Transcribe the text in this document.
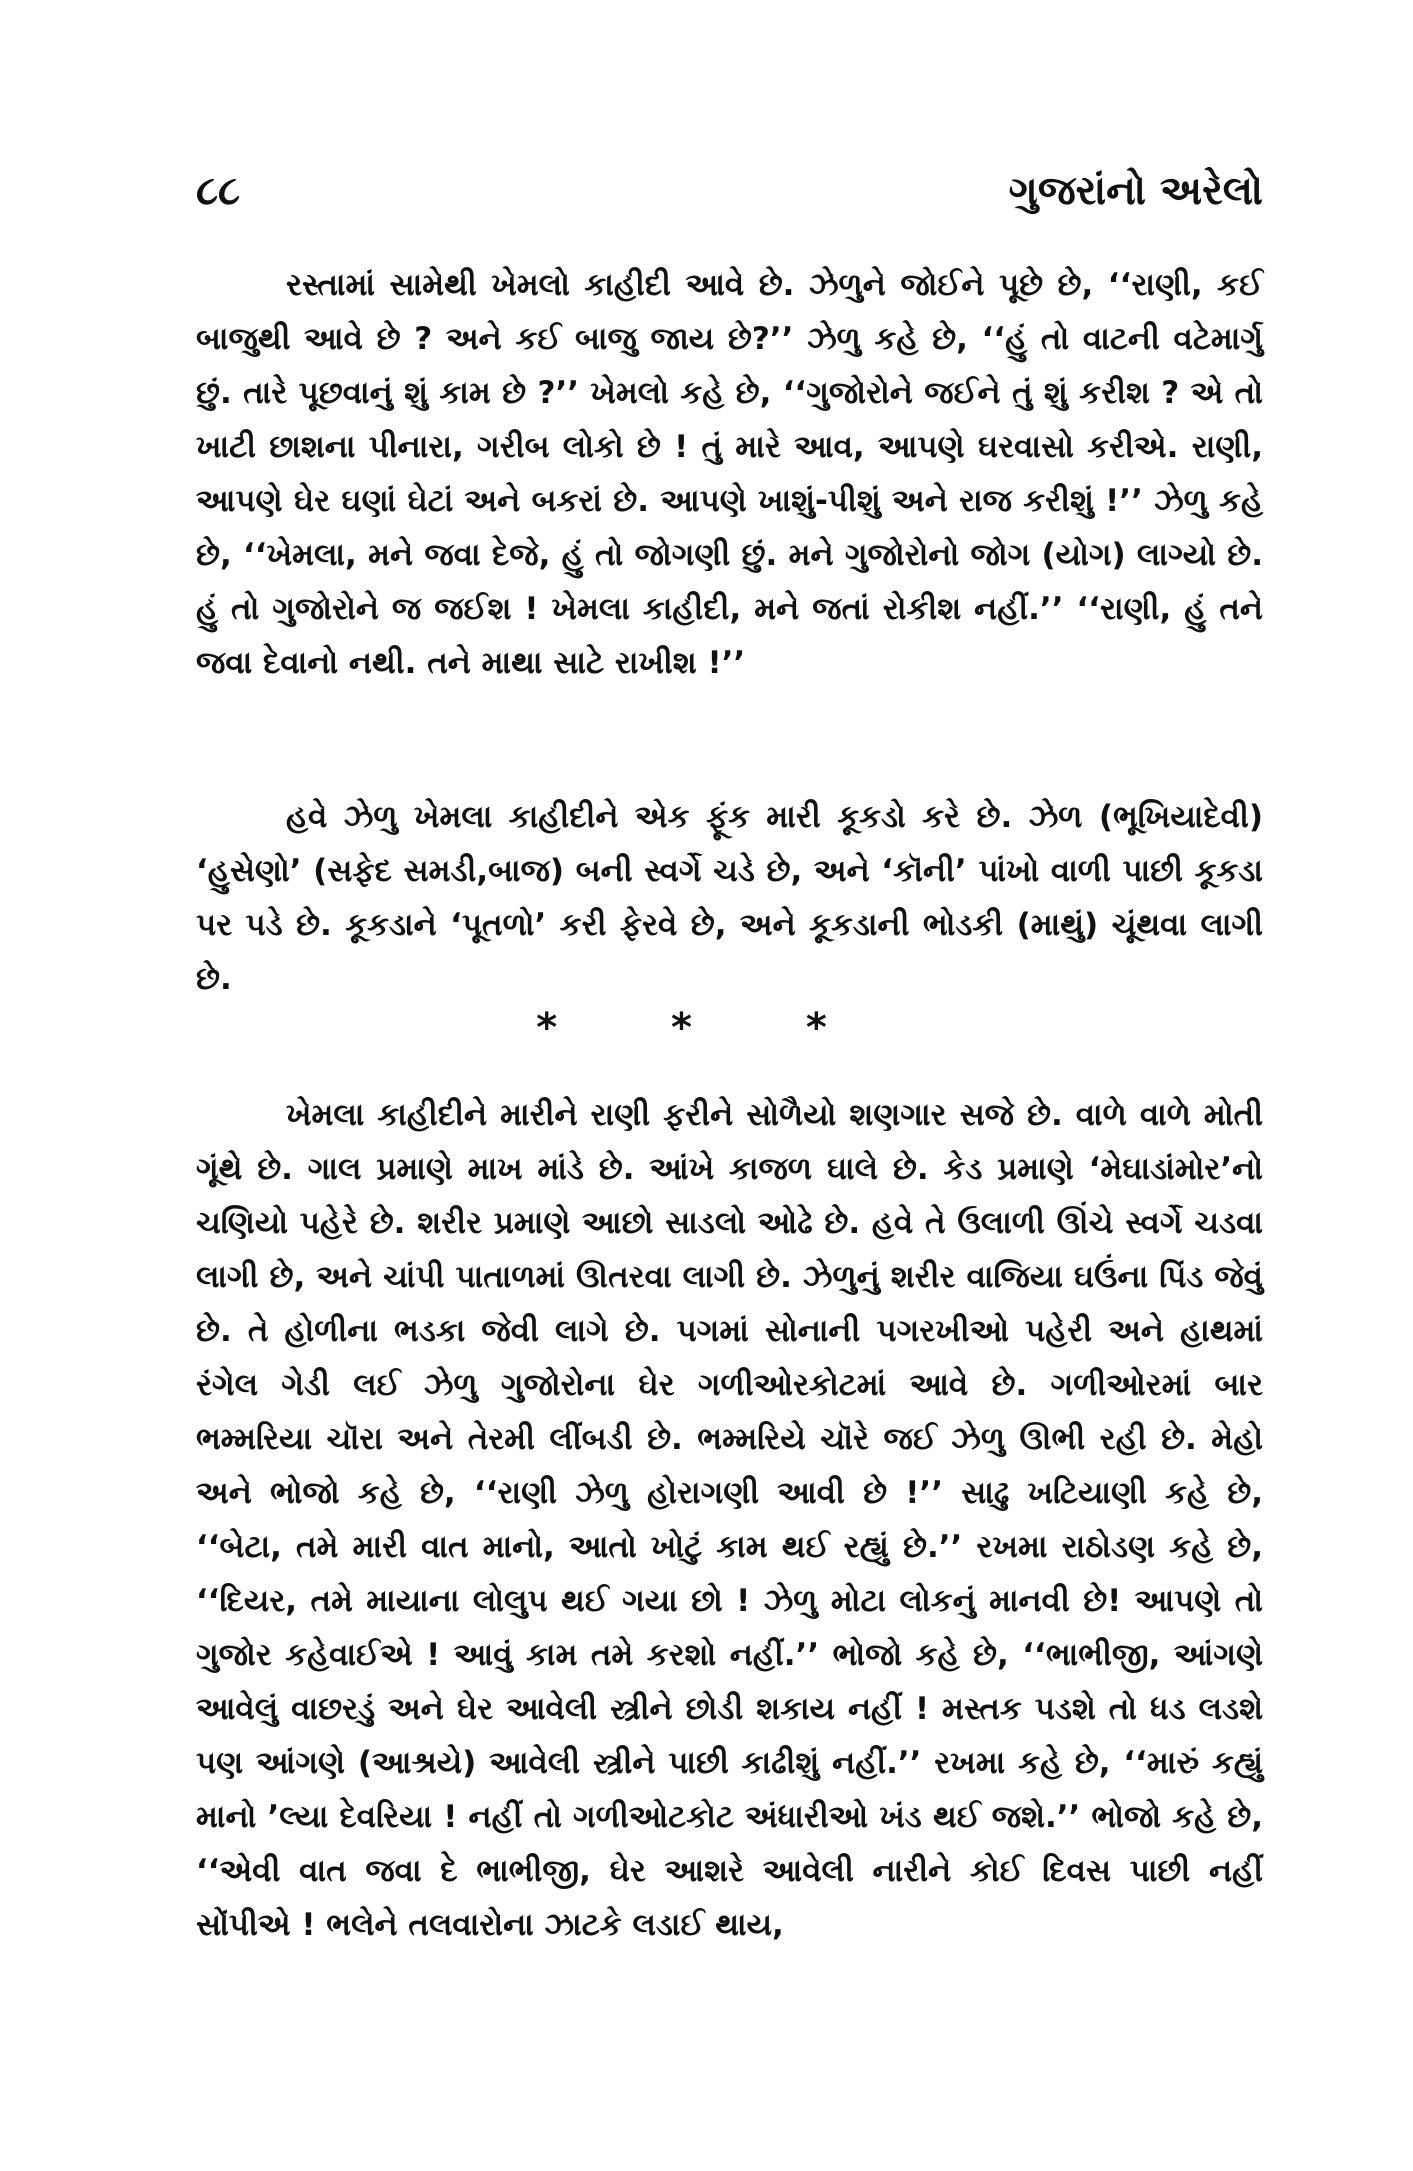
૮૮	ગુજરાંનો અરેલો

રસ્તામાં સામેથી ખેમલો કાહીદી આવે છે. ઝેળુને જોઈને પૂછે છે, ‘‘રાણી, કઈ બાજુથી આવે છે ? અને કઈ બાજુ જાય છે?’’ ઝેળુ કહે છે, ‘‘હું તો વાટની વટેમાર્ગુ છું. તારે પૂછવાનું શું કામ છે ?’’ ખેમલો કહે છે, ‘‘ગુજોરોને જઈને તું શું કરીશ ? એ તો ખાટી છાશના પીનારા, ગરીબ લોકો છે ! તું મારે આવ, આપણે ઘરવાસો કરીએ. રાણી, આપણે ઘેર ઘણાં ઘેટાં અને બકરાં છે. આપણે ખાશું-પીશું અને રાજ કરીશું !’’ ઝેળુ કહે છે, ‘‘ખેમલા, મને જવા દેજે, હું તો જોગણી છું. મને ગુજોરોનો જોગ (યોગ) લાગ્યો છે. હું તો ગુજોરોને જ જઈશ ! ખેમલા કાહીદી, મને જતાં રોકીશ નહીં.’’ ‘‘રાણી, હું તને જવા દેવાનો નથી. તને માથા સાટે રાખીશ !’’

હવે ઝેળુ ખેમલા કાહીદીને એક ફૂંક મારી કૂકડો કરે છે. ઝેળ (ભૂખિયાદેવી) ‘હુસેણો’ (સફેદ સમડી,બાજ) બની સ્વર્ગે ચડે છે, અને ‘કૉની’ પાંખો વાળી પાછી કૂકડા પર પડે છે. કૂકડાને ‘પૂતળો’ કરી ફેરવે છે, અને કૂકડાની ભોડકી (માથું) ચૂંથવા લાગી છે.

* * *

ખેમલા કાહીદીને મારીને રાણી ફરીને સોળૈયો શણગાર સજે છે. વાળે વાળે મોતી ગૂંથે છે. ગાલ પ્રમાણે માખ માંડે છે. આંખે કાજળ ઘાલે છે. કેડ પ્રમાણે ‘મેઘાડાંમોર’નો ચણિયો પહેરે છે. શરીર પ્રમાણે આછો સાડલો ઓઢે છે. હવે તે ઉલાળી ઊંચે સ્વર્ગે ચડવા લાગી છે, અને ચાંપી પાતાળમાં ઊતરવા લાગી છે. ઝેળુનું શરીર વાજિયા ઘઉંના પિંડ જેવું છે. તે હોળીના ભડકા જેવી લાગે છે. પગમાં સોનાની પગરખીઓ પહેરી અને હાથમાં રંગેલ ગેડી લઈ ઝેળુ ગુજોરોના ઘેર ગળીઓરકોટમાં આવે છે. ગળીઓરમાં બાર ભમ્મરિયા ચૉરા અને તેરમી લીંબડી છે. ભમ્મરિયે ચૉરે જઈ ઝેળુ ઊભી રહી છે. મેહો અને ભોજો કહે છે, ‘‘રાણી ઝેળુ હોરાગણી આવી છે !’’ સાઢુ ખટિયાણી કહે છે, ‘‘બેટા, તમે મારી વાત માનો, આતો ખોટું કામ થઈ રહ્યું છે.’’ રખમા રાઠોડણ કહે છે, ‘‘દિયર, તમે માયાના લોલુપ થઈ ગયા છો ! ઝેળુ મોટા લોકનું માનવી છે! આપણે તો ગુજોર કહેવાઈએ ! આવું કામ તમે કરશો નહીં.’’ ભોજો કહે છે, ‘‘ભાભીજી, આંગણે આવેલું વાછરડું અને ઘેર આવેલી સ્ત્રીને છોડી શકાય નહીં ! મસ્તક પડશે તો ધડ લડશે પણ આંગણે (આશ્રયે) આવેલી સ્ત્રીને પાછી કાઢીશું નહીં.’’ રખમા કહે છે, ‘‘મારું કહ્યું માનો ’લ્યા દેવરિયા ! નહીં તો ગળીઓટકોટ અંધારીઓ ખંડ થઈ જશે.’’ ભોજો કહે છે, ‘‘એવી વાત જવા દે ભાભીજી, ઘેર આશરે આવેલી નારીને કોઈ દિવસ પાછી નહીં સોંપીએ ! ભલેને તલવારોના ઝાટકે લડાઈ થાય,
